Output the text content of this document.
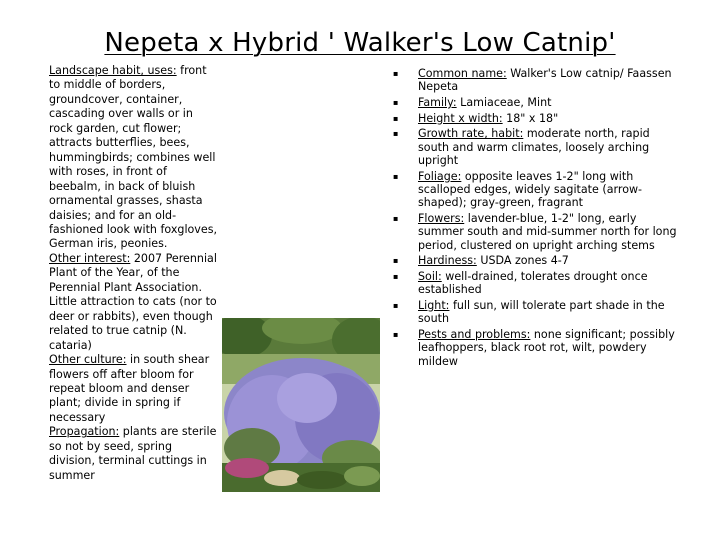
Nepeta x Hybrid ' Walker's Low Catnip'

Landscape habit, uses: front to middle of borders, groundcover, container, cascading over walls or in rock garden, cut flower; attracts butterflies, bees, hummingbirds; combines well with roses, in front of beebalm, in back of bluish ornamental grasses, shasta daisies; and for an old-fashioned look with foxgloves, German iris, peonies.

Other interest: 2007 Perennial Plant of the Year, of the Perennial Plant Association. Little attraction to cats (nor to deer or rabbits), even though related to true catnip (N. cataria)

Other culture: in south shear flowers off after bloom for repeat bloom and denser plant; divide in spring if necessary

Propagation: plants are sterile so not by seed, spring division, terminal cuttings in summer

▪ Common name: Walker's Low catnip/ Faassen Nepeta
▪ Family: Lamiaceae, Mint
▪ Height x width: 18" x 18"
▪ Growth rate, habit: moderate north, rapid south and warm climates, loosely arching upright
▪ Foliage: opposite leaves 1-2" long with scalloped edges, widely sagitate (arrow-shaped); gray-green, fragrant
▪ Flowers: lavender-blue, 1-2" long, early summer south and mid-summer north for long period, clustered on upright arching stems
▪ Hardiness: USDA zones 4-7
▪ Soil: well-drained, tolerates drought once established
▪ Light: full sun, will tolerate part shade in the south
▪ Pests and problems: none significant; possibly leafhoppers, black root rot, wilt, powdery mildew
